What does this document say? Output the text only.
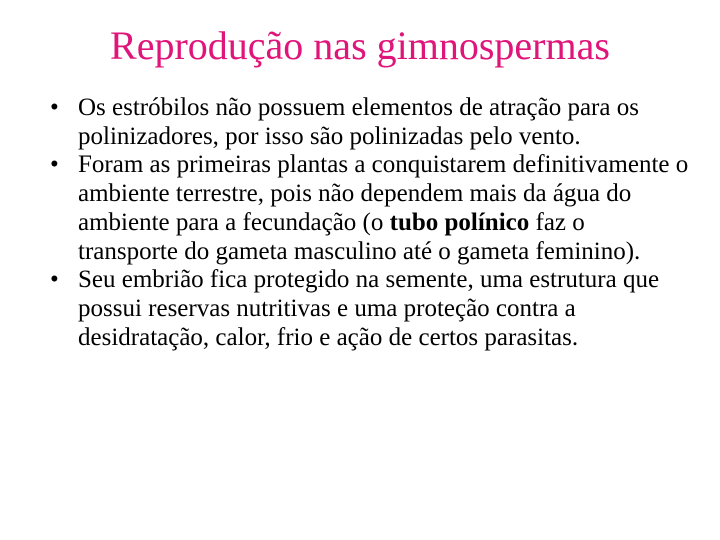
Reprodução nas gimnospermas
• Os estróbilos não possuem elementos de atração para os polinizadores, por isso são polinizadas pelo vento.
• Foram as primeiras plantas a conquistarem definitivamente o ambiente terrestre, pois não dependem mais da água do ambiente para a fecundação (o tubo polínico faz o transporte do gameta masculino até o gameta feminino).
• Seu embrião fica protegido na semente, uma estrutura que possui reservas nutritivas e uma proteção contra a desidratação, calor, frio e ação de certos parasitas.
